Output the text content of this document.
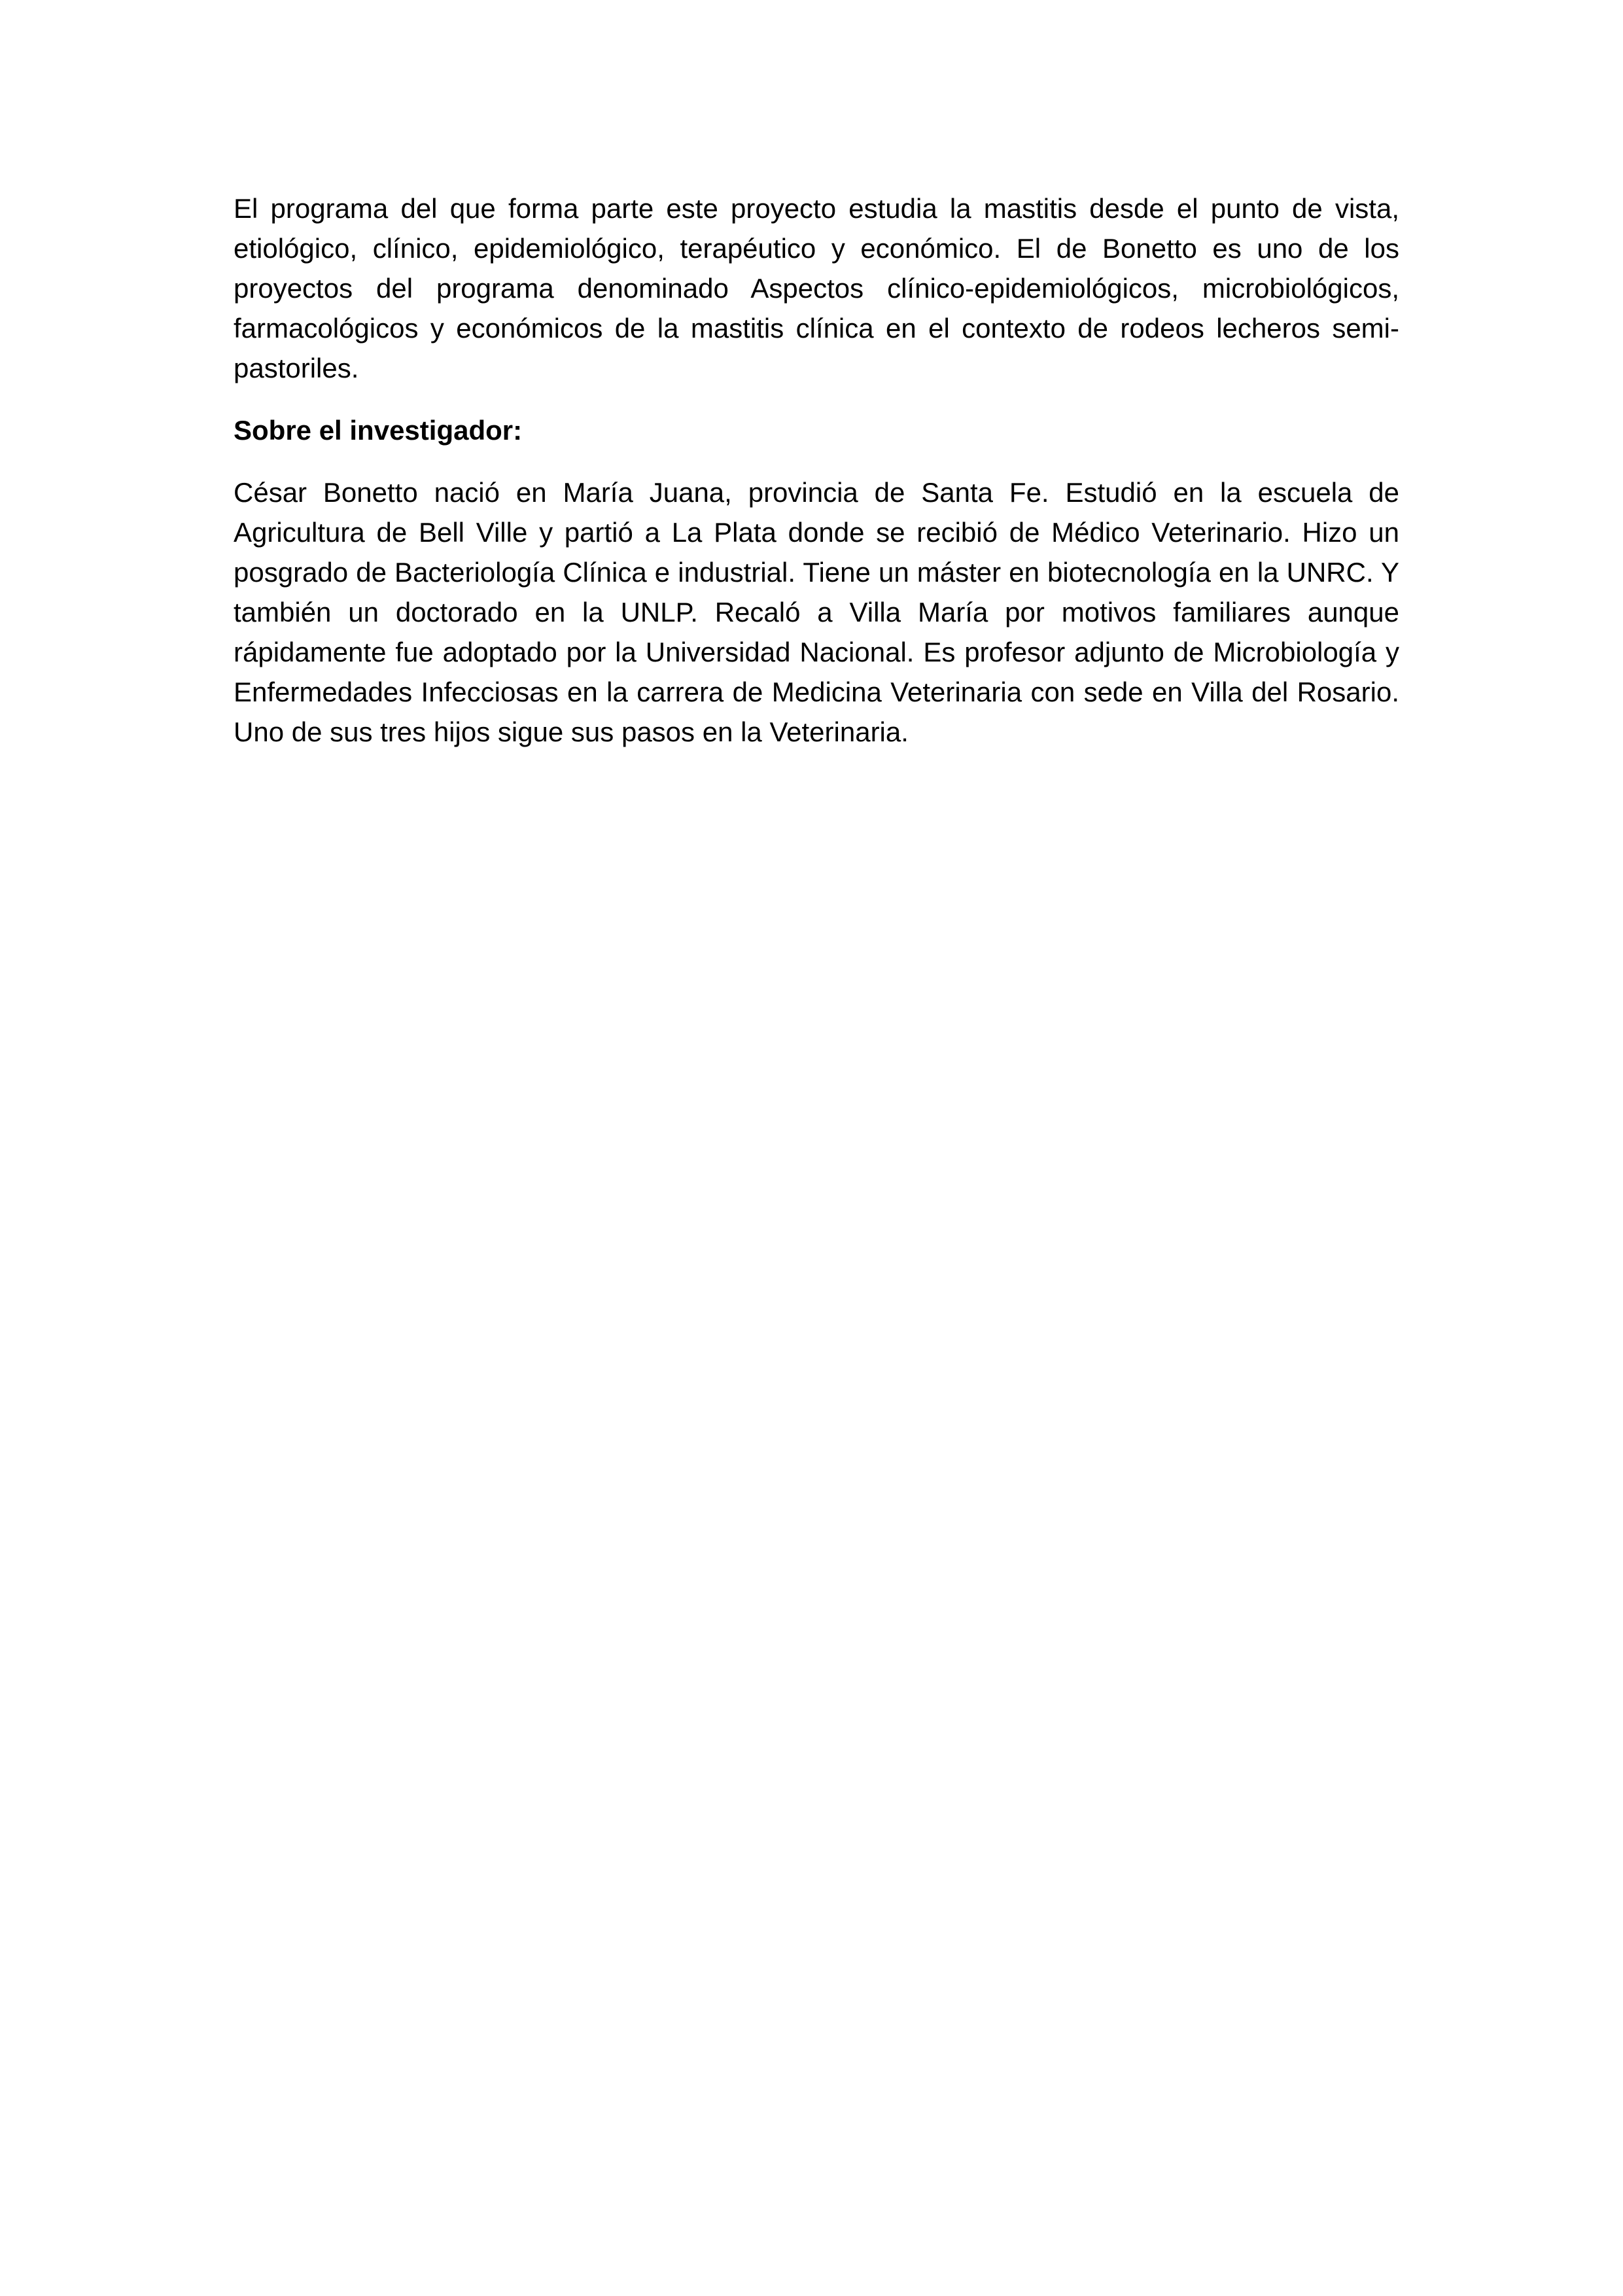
El programa del que forma parte este proyecto estudia la mastitis desde el punto de vista, etiológico, clínico, epidemiológico, terapéutico y económico. El de Bonetto es uno de los proyectos del programa denominado Aspectos clínico-epidemiológicos, microbiológicos, farmacológicos y económicos de la mastitis clínica en el contexto de rodeos lecheros semi-pastoriles.

Sobre el investigador:

César Bonetto nació en María Juana, provincia de Santa Fe. Estudió en la escuela de Agricultura de Bell Ville y partió a La Plata donde se recibió de Médico Veterinario. Hizo un posgrado de Bacteriología Clínica e industrial. Tiene un máster en biotecnología en la UNRC. Y también un doctorado en la UNLP. Recaló a Villa María por motivos familiares aunque rápidamente fue adoptado por la Universidad Nacional. Es profesor adjunto de Microbiología y Enfermedades Infecciosas en la carrera de Medicina Veterinaria con sede en Villa del Rosario. Uno de sus tres hijos sigue sus pasos en la Veterinaria.
